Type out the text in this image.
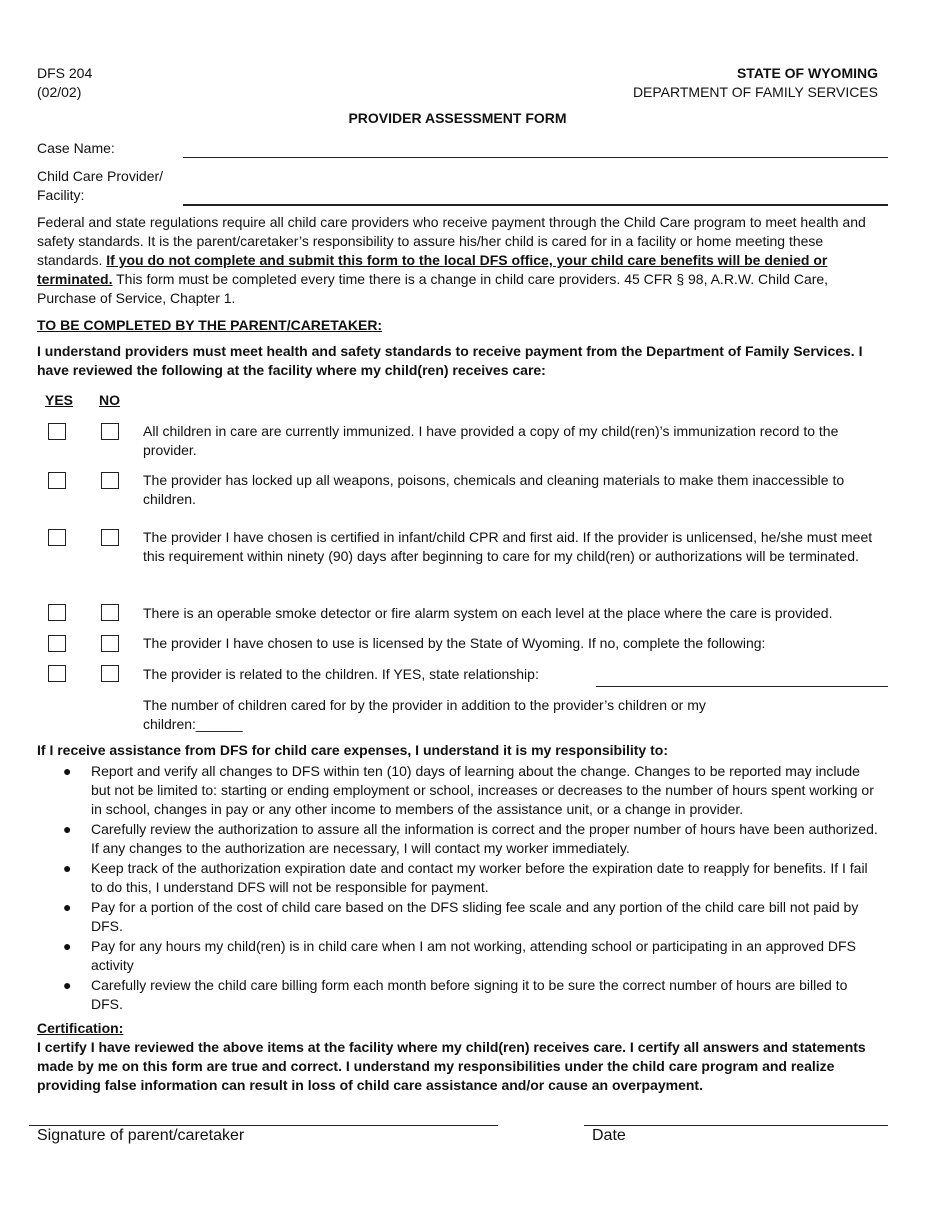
DFS 204
(02/02)
STATE OF WYOMING
DEPARTMENT OF FAMILY SERVICES
PROVIDER ASSESSMENT FORM
Case Name:
Child Care Provider/
Facility:
Federal and state regulations require all child care providers who receive payment through the Child Care program to meet health and safety standards. It is the parent/caretaker’s responsibility to assure his/her child is cared for in a facility or home meeting these standards. If you do not complete and submit this form to the local DFS office, your child care benefits will be denied or terminated. This form must be completed every time there is a change in child care providers. 45 CFR § 98, A.R.W. Child Care, Purchase of Service, Chapter 1.
TO BE COMPLETED BY THE PARENT/CARETAKER:
I understand providers must meet health and safety standards to receive payment from the Department of Family Services. I have reviewed the following at the facility where my child(ren) receives care:
YES NO
All children in care are currently immunized. I have provided a copy of my child(ren)’s immunization record to the provider.
The provider has locked up all weapons, poisons, chemicals and cleaning materials to make them inaccessible to children.
The provider I have chosen is certified in infant/child CPR and first aid. If the provider is unlicensed, he/she must meet this requirement within ninety (90) days after beginning to care for my child(ren) or authorizations will be terminated.
There is an operable smoke detector or fire alarm system on each level at the place where the care is provided.
The provider I have chosen to use is licensed by the State of Wyoming. If no, complete the following:
The provider is related to the children. If YES, state relationship:
The number of children cared for by the provider in addition to the provider’s children or my
children:______
If I receive assistance from DFS for child care expenses, I understand it is my responsibility to:
● Report and verify all changes to DFS within ten (10) days of learning about the change. Changes to be reported may include but not be limited to: starting or ending employment or school, increases or decreases to the number of hours spent working or in school, changes in pay or any other income to members of the assistance unit, or a change in provider.
● Carefully review the authorization to assure all the information is correct and the proper number of hours have been authorized. If any changes to the authorization are necessary, I will contact my worker immediately.
● Keep track of the authorization expiration date and contact my worker before the expiration date to reapply for benefits. If I fail to do this, I understand DFS will not be responsible for payment.
● Pay for a portion of the cost of child care based on the DFS sliding fee scale and any portion of the child care bill not paid by DFS.
● Pay for any hours my child(ren) is in child care when I am not working, attending school or participating in an approved DFS activity
● Carefully review the child care billing form each month before signing it to be sure the correct number of hours are billed to DFS.
Certification:
I certify I have reviewed the above items at the facility where my child(ren) receives care. I certify all answers and statements made by me on this form are true and correct. I understand my responsibilities under the child care program and realize providing false information can result in loss of child care assistance and/or cause an overpayment.
Signature of parent/caretaker	Date
